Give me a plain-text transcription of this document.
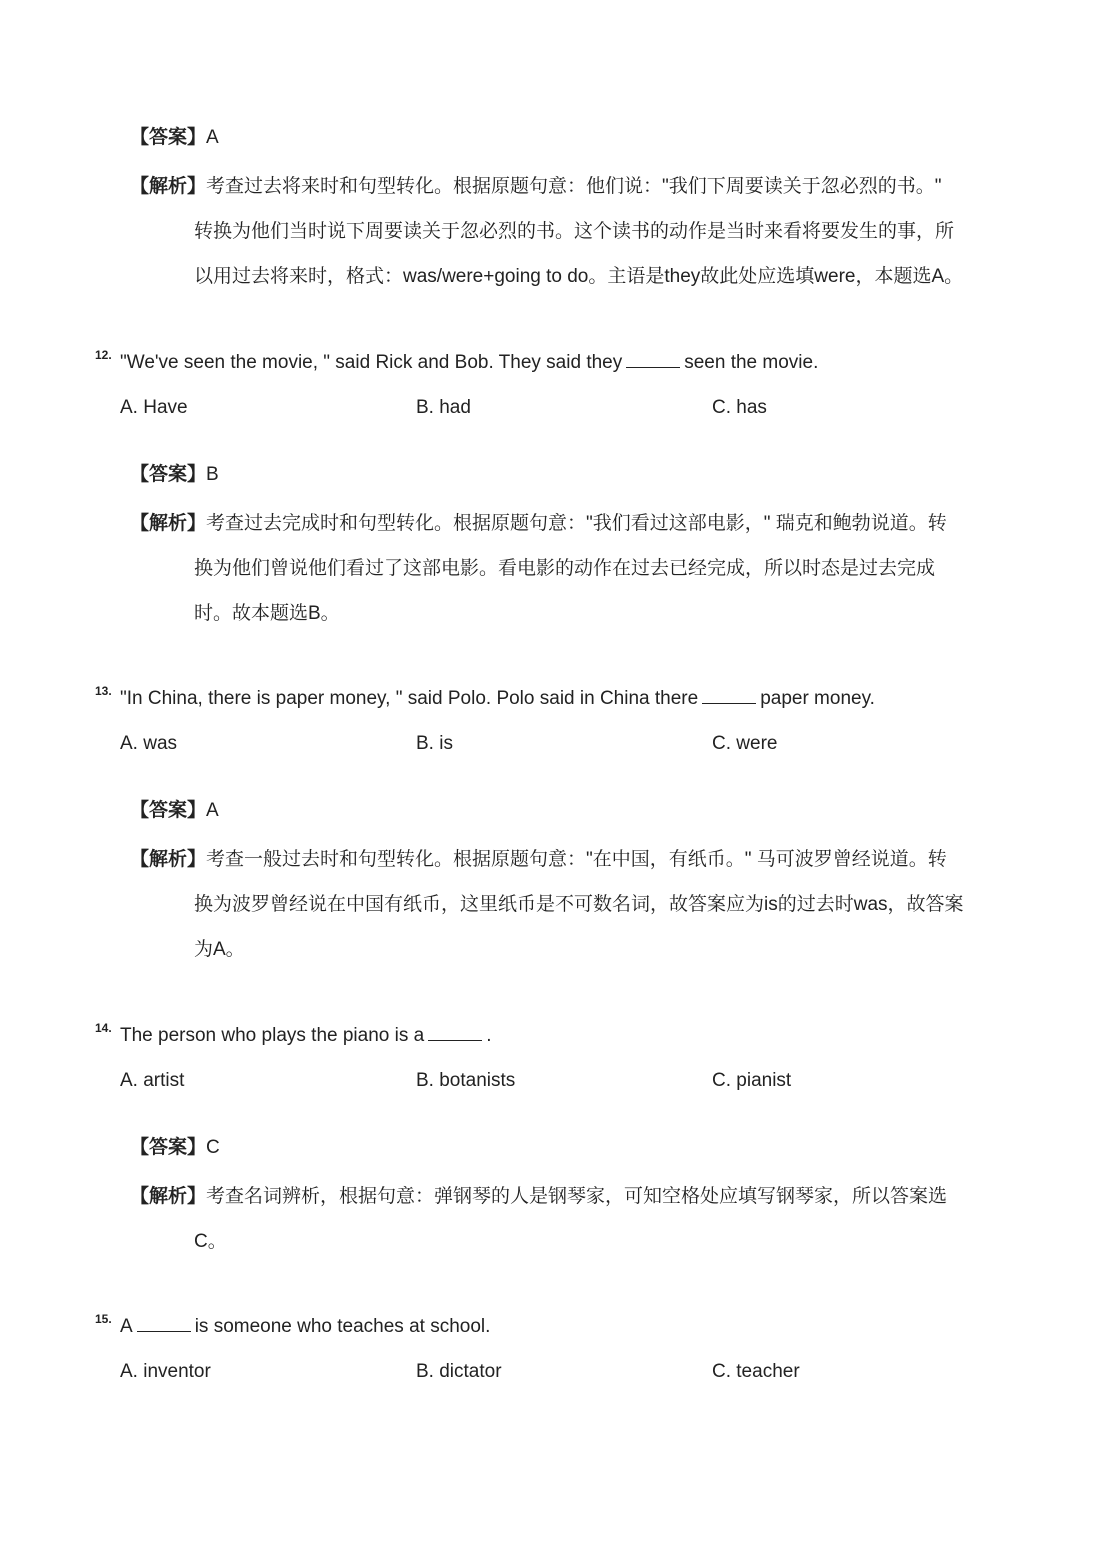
【答案】A
【解析】考查过去将来时和句型转化。根据原题句意：他们说："我们下周要读关于忽必烈的书。"
转换为他们当时说下周要读关于忽必烈的书。这个读书的动作是当时来看将要发生的事，所
以用过去将来时，格式：was/were+going to do。主语是they故此处应选填were，本题选A。
12. "We've seen the movie, " said Rick and Bob. They said they	seen the movie.
A. Have	B. had	C. has
【答案】B
【解析】考查过去完成时和句型转化。根据原题句意："我们看过这部电影，" 瑞克和鲍勃说道。转
换为他们曾说他们看过了这部电影。看电影的动作在过去已经完成，所以时态是过去完成
时。故本题选B。
13. "In China, there is paper money, " said Polo. Polo said in China there	paper money.
A. was	B. is	C. were
【答案】A
【解析】考查一般过去时和句型转化。根据原题句意："在中国，有纸币。" 马可波罗曾经说道。转
换为波罗曾经说在中国有纸币，这里纸币是不可数名词，故答案应为is的过去时was，故答案
为A。
14. The person who plays the piano is a	.
A. artist	B. botanists	C. pianist
【答案】C
【解析】考查名词辨析，根据句意：弹钢琴的人是钢琴家，可知空格处应填写钢琴家，所以答案选
C。
15. A	is someone who teaches at school.
A. inventor	B. dictator	C. teacher
